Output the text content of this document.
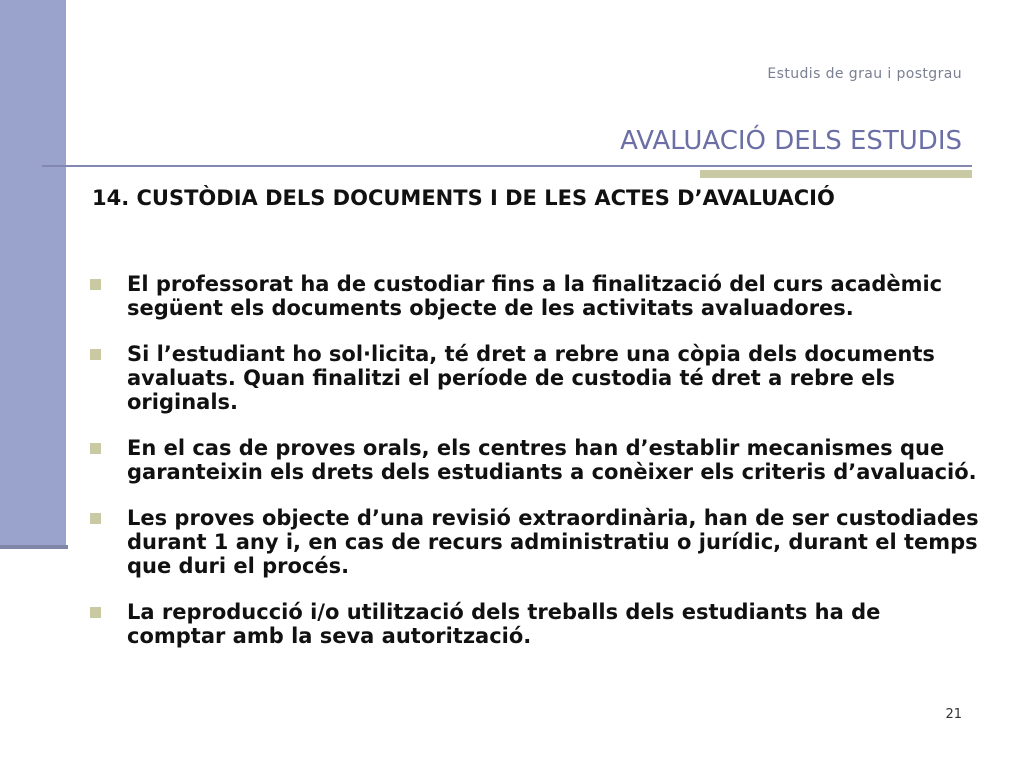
Estudis de grau i postgrau
AVALUACIÓ DELS ESTUDIS
14. CUSTÒDIA DELS DOCUMENTS I DE LES ACTES D’AVALUACIÓ
El professorat ha de custodiar fins a la finalització del curs acadèmic següent els documents objecte de les activitats avaluadores.
Si l’estudiant ho sol·licita, té dret a rebre una còpia dels documents avaluats. Quan finalitzi el període de custodia té dret a rebre els originals.
En el cas de proves orals, els centres han d’establir mecanismes que garanteixin els drets dels estudiants a conèixer els criteris d’avaluació.
Les proves objecte d’una revisió extraordinària, han de ser custodiades durant 1 any i, en cas de recurs administratiu o jurídic, durant el temps que duri el procés.
La reproducció i/o utilització dels treballs dels estudiants ha de comptar amb la seva autorització.
21
